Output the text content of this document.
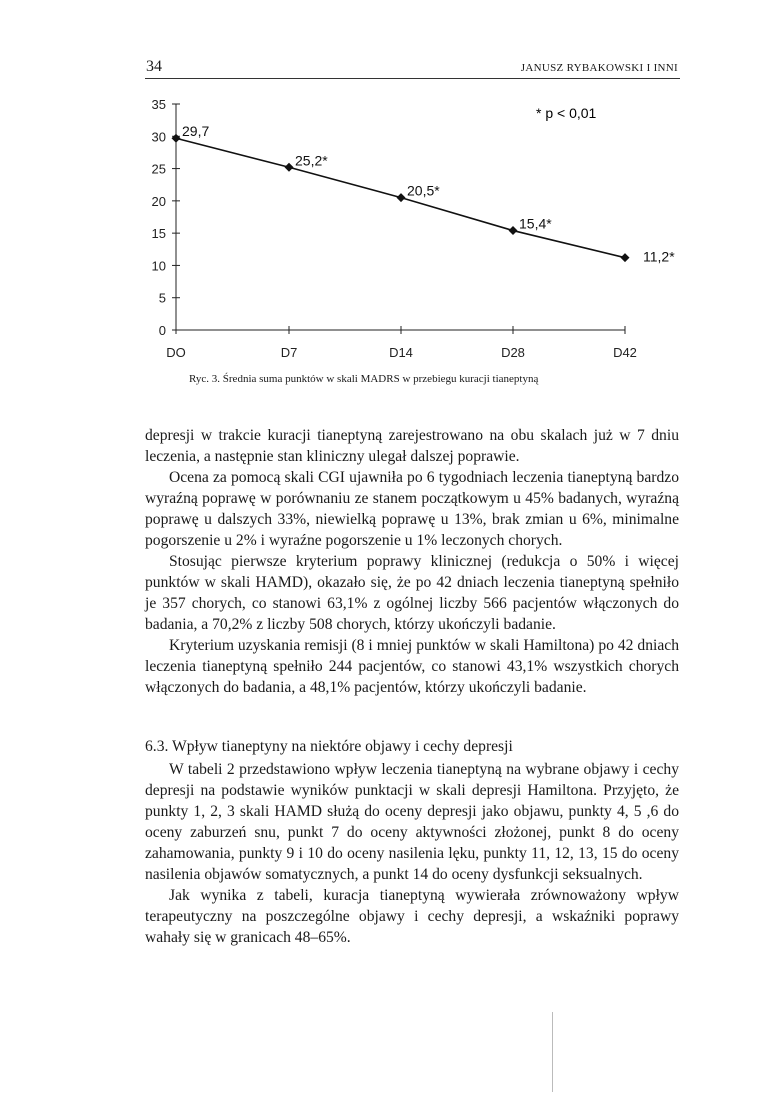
34	JANUSZ RYBAKOWSKI I INNI
0
5
10
15
20
25
30
35
DO	D7	D14	D28	D42
29,7
25,2*
20,5*
15,4*
11,2*
* p < 0,01
Ryc. 3. Średnia suma punktów w skali MADRS w przebiegu kuracji tianeptyną

depresji w trakcie kuracji tianeptyną zarejestrowano na obu skalach już w 7 dniu leczenia, a następnie stan kliniczny ulegał dalszej poprawie.

Ocena za pomocą skali CGI ujawniła po 6 tygodniach leczenia tianeptyną bardzo wyraźną poprawę w porównaniu ze stanem początkowym u 45% badanych, wyraźną poprawę u dalszych 33%, niewielką poprawę u 13%, brak zmian u 6%, minimalne pogorszenie u 2% i wyraźne pogorszenie u 1% leczonych chorych.

Stosując pierwsze kryterium poprawy klinicznej (redukcja o 50% i więcej punktów w skali HAMD), okazało się, że po 42 dniach leczenia tianeptyną spełniło je 357 chorych, co stanowi 63,1% z ogólnej liczby 566 pacjentów włączonych do badania, a 70,2% z liczby 508 chorych, którzy ukończyli badanie.

Kryterium uzyskania remisji (8 i mniej punktów w skali Hamiltona) po 42 dniach leczenia tianeptyną spełniło 244 pacjentów, co stanowi 43,1% wszystkich chorych włączonych do badania, a 48,1% pacjentów, którzy ukończyli badanie.

6.3. Wpływ tianeptyny na niektóre objawy i cechy depresji

W tabeli 2 przedstawiono wpływ leczenia tianeptyną na wybrane objawy i cechy depresji na podstawie wyników punktacji w skali depresji Hamiltona. Przyjęto, że punkty 1, 2, 3 skali HAMD służą do oceny depresji jako objawu, punkty 4, 5 ,6 do oceny zaburzeń snu, punkt 7 do oceny aktywności złożonej, punkt 8 do oceny zahamowania, punkty 9 i 10 do oceny nasilenia lęku, punkty 11, 12, 13, 15 do oceny nasilenia objawów somatycznych, a punkt 14 do oceny dysfunkcji seksualnych.

Jak wynika z tabeli, kuracja tianeptyną wywierała zrównoważony wpływ terapeutyczny na poszczególne objawy i cechy depresji, a wskaźniki poprawy wahały się w granicach 48–65%.
